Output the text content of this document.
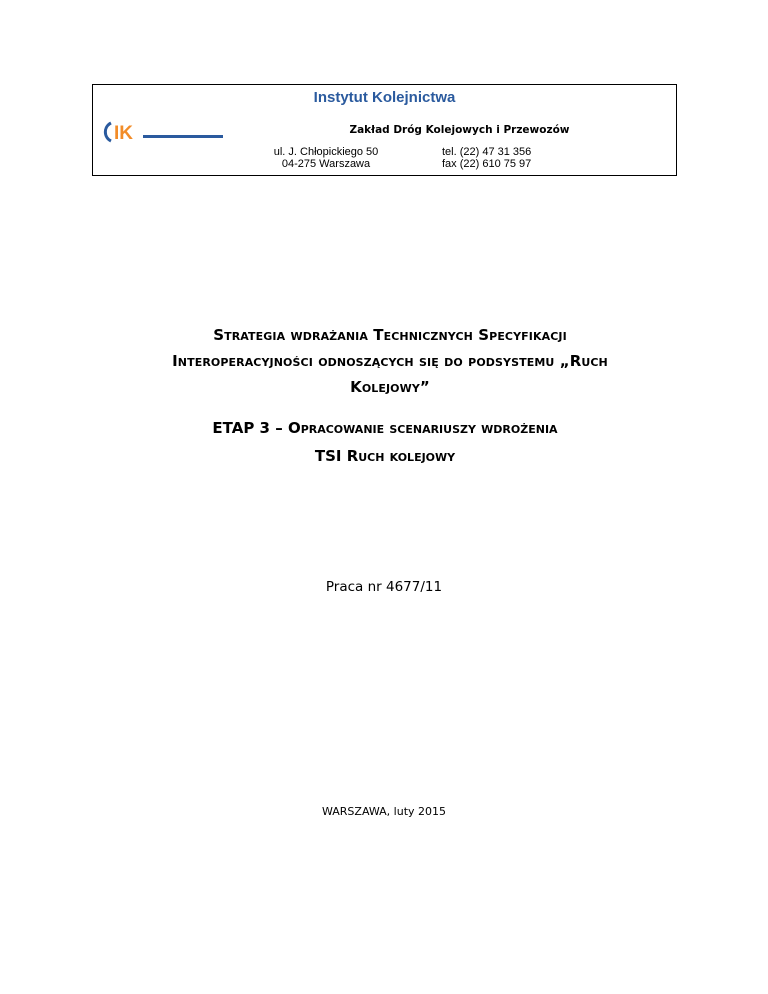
Instytut Kolejnictwa
IK	Zakład Dróg Kolejowych i Przewozów
ul. J. Chłopickiego 50
04-275 Warszawa
tel. (22) 47 31 356
fax (22) 610 75 97
Strategia wdrażania Technicznych Specyfikacji
Interoperacyjności odnoszących się do podsystemu „Ruch
Kolejowy”
ETAP 3 – Opracowanie scenariuszy wdrożenia
TSI Ruch kolejowy
Praca nr 4677/11
WARSZAWA, luty 2015
